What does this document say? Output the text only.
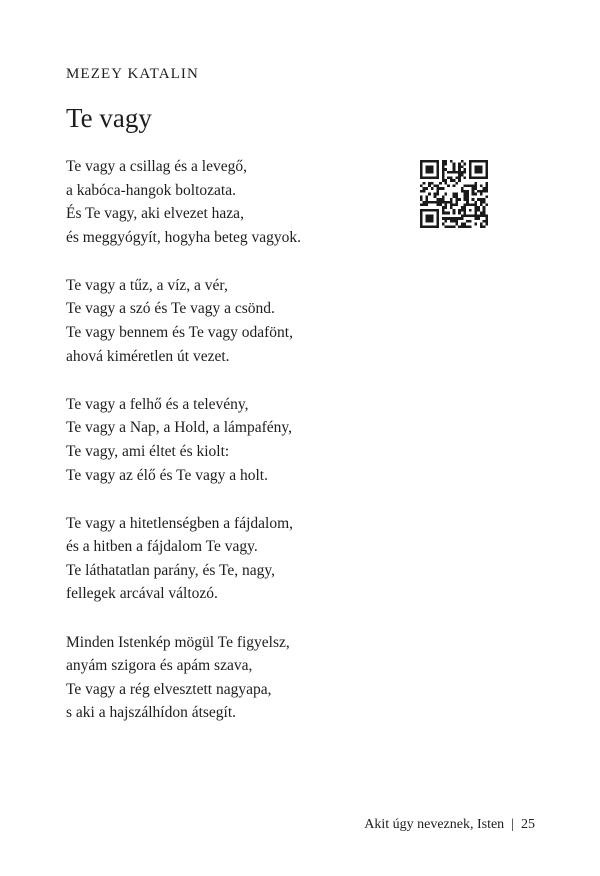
MEZEY KATALIN
Te vagy
Te vagy a csillag és a levegő,
a kabóca-hangok boltozata.
És Te vagy, aki elvezet haza,
és meggyógyít, hogyha beteg vagyok.
Te vagy a tűz, a víz, a vér,
Te vagy a szó és Te vagy a csönd.
Te vagy bennem és Te vagy odafönt,
ahová kiméretlen út vezet.
Te vagy a felhő és a televény,
Te vagy a Nap, a Hold, a lámpafény,
Te vagy, ami éltet és kiolt:
Te vagy az élő és Te vagy a holt.
Te vagy a hitetlenségben a fájdalom,
és a hitben a fájdalom Te vagy.
Te láthatatlan parány, és Te, nagy,
fellegek arcával változó.
Minden Istenkép mögül Te figyelsz,
anyám szigora és apám szava,
Te vagy a rég elvesztett nagyapa,
s aki a hajszálhídon átsegít.
Akit úgy neveznek, Isten | 25
